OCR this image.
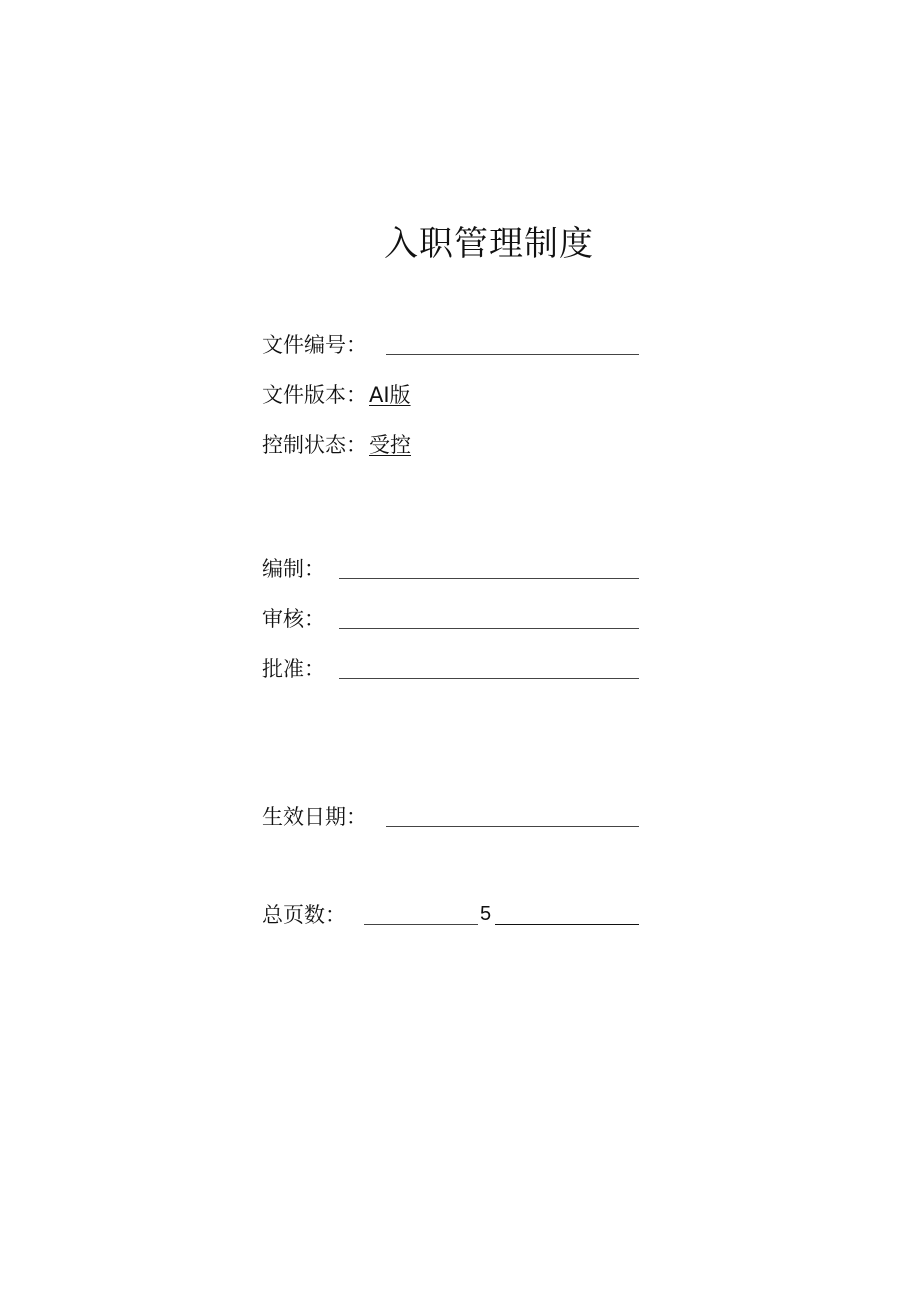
入职管理制度
文件编号：
文件版本：AI版
控制状态：受控
编制：
审核：
批准：
生效日期：
总页数：	5
